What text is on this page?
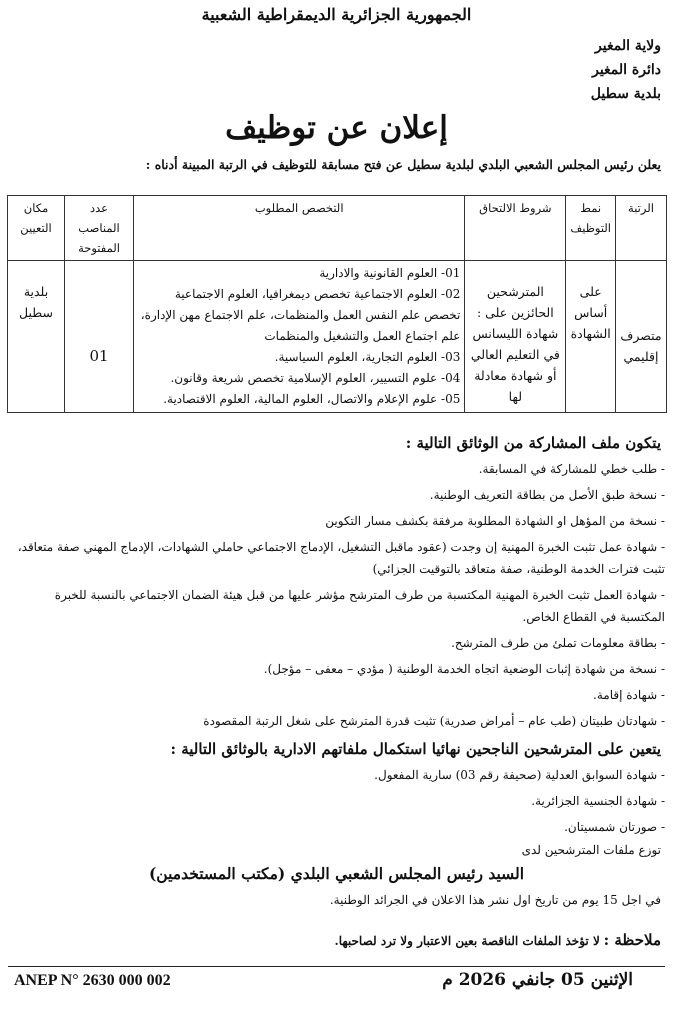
الجمهورية الجزائرية الديمقراطية الشعبية
ولاية المغير
دائرة المغير
بلدية سطيل
إعلان عن توظيف
يعلن رئيس المجلس الشعبي البلدي لبلدية سطيل عن فتح مسابقة للتوظيف في الرتبة المبينة أدناه :
الرتبة	نمط التوظيف	شروط الالتحاق	التخصص المطلوب	عدد المناصب المفتوحة	مكان التعيين
متصرف إقليمي	على أساس الشهادة	المترشحين الحائزين على : شهادة الليسانس في التعليم العالي أو شهادة معادلة لها	01- العلوم القانونية والادارية
02- العلوم الاجتماعية تخصص ديمغرافيا، العلوم الاجتماعية تخصص علم النفس العمل والمنظمات، علم الاجتماع مهن الإدارة، علم اجتماع العمل والتشغيل والمنظمات
03- العلوم التجارية، العلوم السياسية.
04- علوم التسيير، العلوم الإسلامية تخصص شريعة وقانون.
05- علوم الإعلام والاتصال، العلوم المالية، العلوم الاقتصادية.	01	بلدية سطيل
يتكون ملف المشاركة من الوثائق التالية :
- طلب خطي للمشاركة في المسابقة.
- نسخة طبق الأصل من بطاقة التعريف الوطنية.
- نسخة من المؤهل او الشهادة المطلوبة مرفقة بكشف مسار التكوين
- شهادة عمل تثبت الخبرة المهنية إن وجدت (عقود ماقبل التشغيل، الإدماج الاجتماعي حاملي الشهادات، الإدماج المهني صفة متعاقد، تثبت فترات الخدمة الوطنية، صفة متعاقد بالتوقيت الجزائي)
- شهادة العمل تثبت الخبرة المهنية المكتسبة من طرف المترشح مؤشر عليها من قبل هيئة الضمان الاجتماعي بالنسبة للخبرة المكتسبة في القطاع الخاص.
- بطاقة معلومات تملئ من طرف المترشح.
- نسخة من شهادة إثبات الوضعية اتجاه الخدمة الوطنية ( مؤدي – معفى – مؤجل).
- شهادة إقامة.
- شهادتان طبيتان (طب عام – أمراض صدرية) تثبت قدرة المترشح على شغل الرتبة المقصودة
يتعين على المترشحين الناجحين نهائيا استكمال ملفاتهم الادارية بالوثائق التالية :
- شهادة السوابق العدلية (صحيفة رقم 03) سارية المفعول.
- شهادة الجنسية الجزائرية.
- صورتان شمسيتان.
توزع ملفات المترشحين لدى
السيد رئيس المجلس الشعبي البلدي (مكتب المستخدمين)
في اجل 15 يوم من تاريخ اول نشر هذا الاعلان في الجرائد الوطنية.
ملاحظة : لا تؤخذ الملفات الناقصة بعين الاعتبار ولا ترد لصاحبها.
ANEP N° 2630 000 002	الإثنين 05 جانفي 2026 م
